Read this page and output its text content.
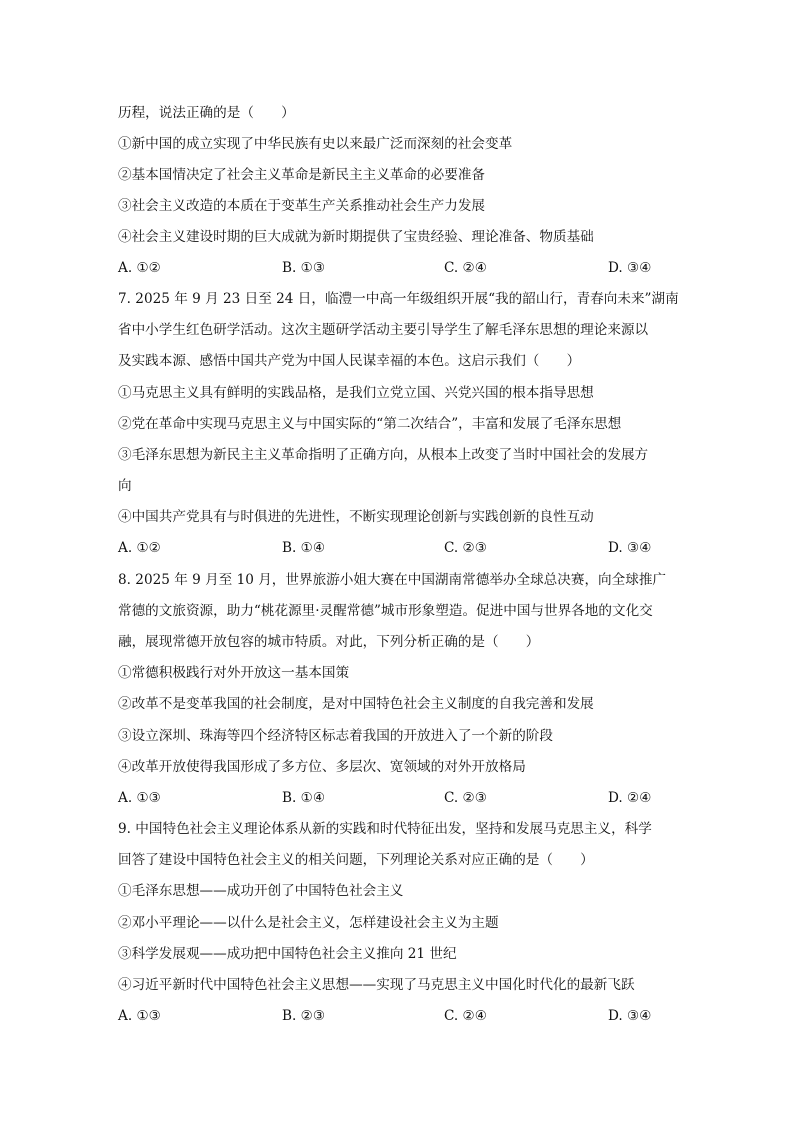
历程，说法正确的是（　　）
①新中国的成立实现了中华民族有史以来最广泛而深刻的社会变革
②基本国情决定了社会主义革命是新民主主义革命的必要准备
③社会主义改造的本质在于变革生产关系推动社会生产力发展
④社会主义建设时期的巨大成就为新时期提供了宝贵经验、理论准备、物质基础
A. ①②	B. ①③	C. ②④	D. ③④
7. 2025 年 9 月 23 日至 24 日，临澧一中高一年级组织开展“我的韶山行，青春向未来”湖南
省中小学生红色研学活动。这次主题研学活动主要引导学生了解毛泽东思想的理论来源以
及实践本源、感悟中国共产党为中国人民谋幸福的本色。这启示我们（　　）
①马克思主义具有鲜明的实践品格，是我们立党立国、兴党兴国的根本指导思想
②党在革命中实现马克思主义与中国实际的“第二次结合”，丰富和发展了毛泽东思想
③毛泽东思想为新民主主义革命指明了正确方向，从根本上改变了当时中国社会的发展方
向
④中国共产党具有与时俱进的先进性，不断实现理论创新与实践创新的良性互动
A. ①②	B. ①④	C. ②③	D. ③④
8. 2025 年 9 月至 10 月，世界旅游小姐大赛在中国湖南常德举办全球总决赛，向全球推广
常德的文旅资源，助力“桃花源里·灵醒常德”城市形象塑造。促进中国与世界各地的文化交
融，展现常德开放包容的城市特质。对此，下列分析正确的是（　　）
①常德积极践行对外开放这一基本国策
②改革不是变革我国的社会制度，是对中国特色社会主义制度的自我完善和发展
③设立深圳、珠海等四个经济特区标志着我国的开放进入了一个新的阶段
④改革开放使得我国形成了多方位、多层次、宽领域的对外开放格局
A. ①③	B. ①④	C. ②③	D. ②④
9. 中国特色社会主义理论体系从新的实践和时代特征出发，坚持和发展马克思主义，科学
回答了建设中国特色社会主义的相关问题，下列理论关系对应正确的是（　　）
①毛泽东思想——成功开创了中国特色社会主义
②邓小平理论——以什么是社会主义，怎样建设社会主义为主题
③科学发展观——成功把中国特色社会主义推向 21 世纪
④习近平新时代中国特色社会主义思想——实现了马克思主义中国化时代化的最新飞跃
A. ①③	B. ②③	C. ②④	D. ③④
